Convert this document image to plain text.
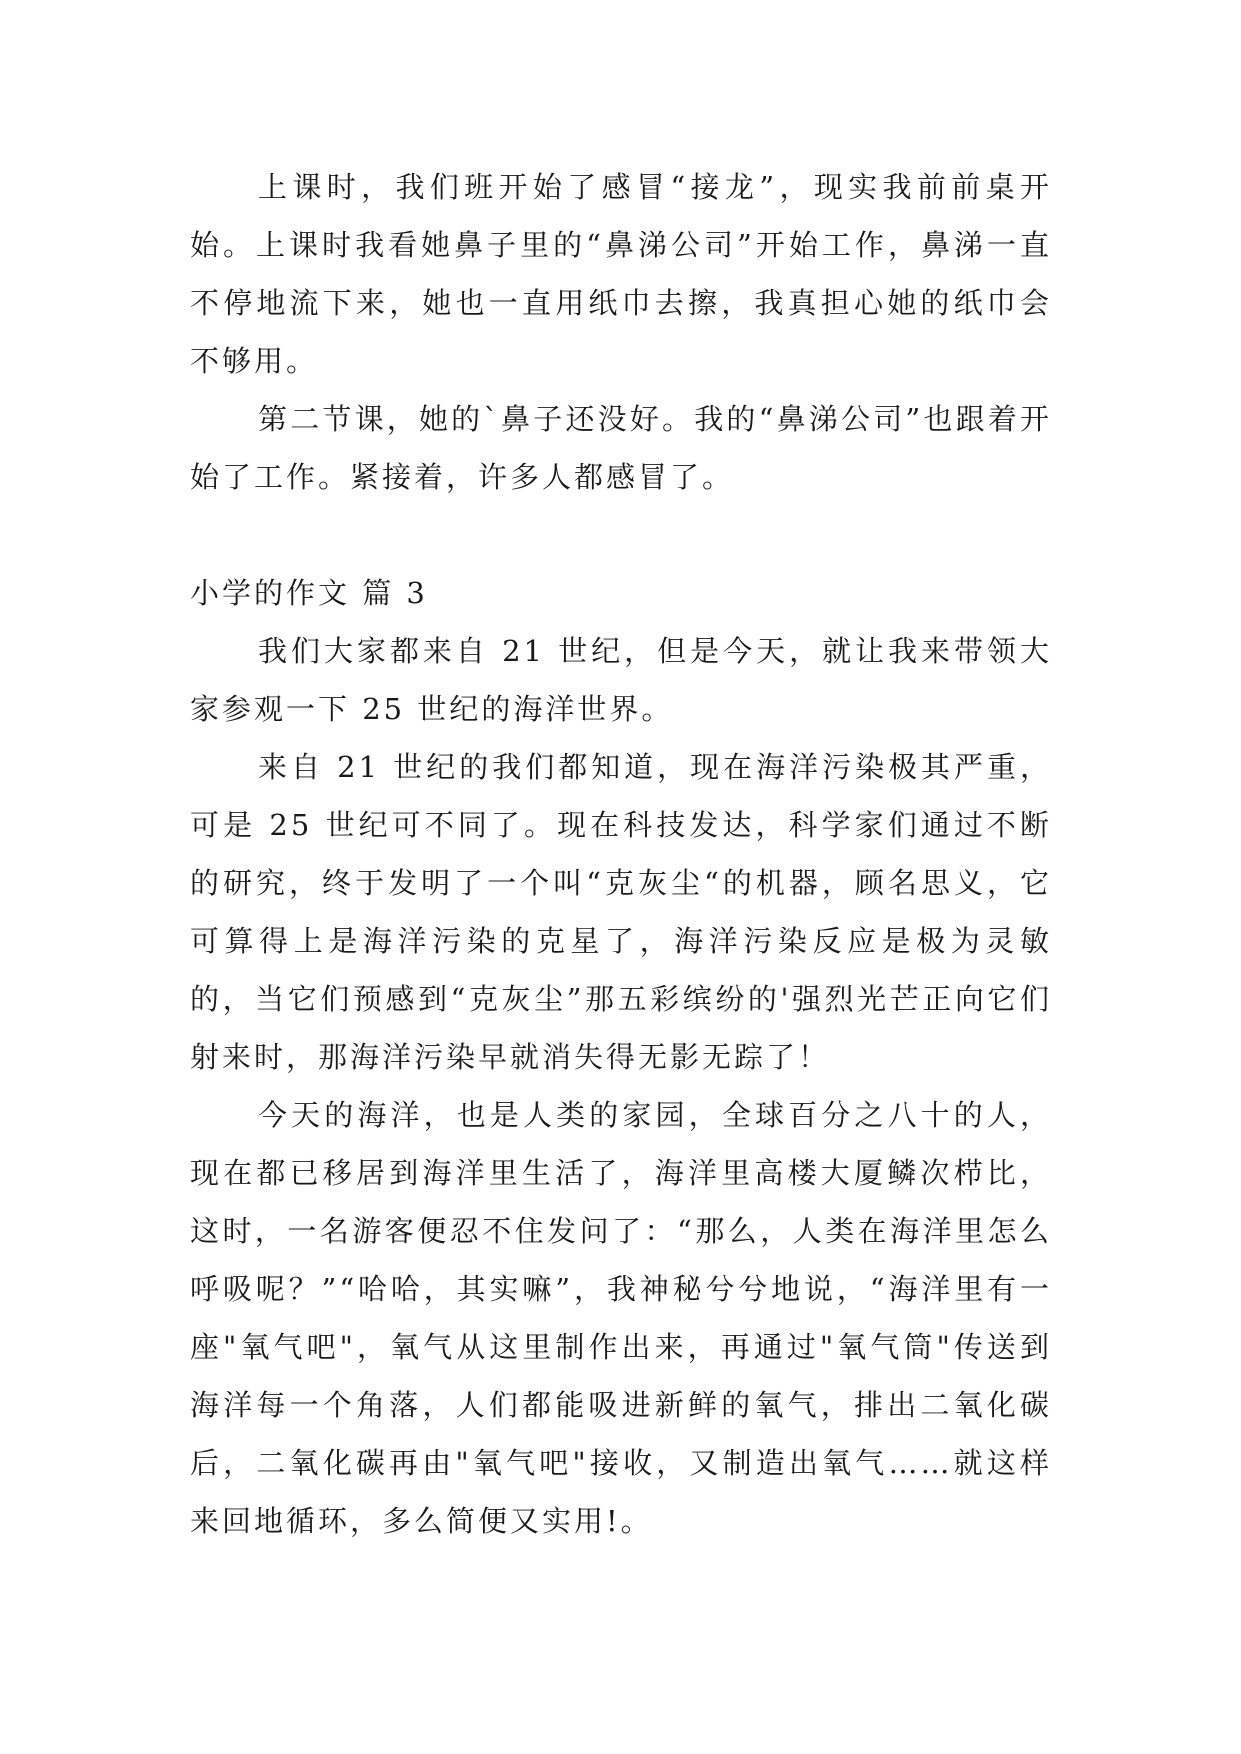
上课时，我们班开始了感冒“接龙”，现实我前前桌开始。上课时我看她鼻子里的“鼻涕公司”开始工作，鼻涕一直不停地流下来，她也一直用纸巾去擦，我真担心她的纸巾会不够用。

第二节课，她的`鼻子还没好。我的“鼻涕公司”也跟着开始了工作。紧接着，许多人都感冒了。

小学的作文 篇 3

我们大家都来自 21 世纪，但是今天，就让我来带领大家参观一下 25 世纪的海洋世界。

来自 21 世纪的我们都知道，现在海洋污染极其严重，可是 25 世纪可不同了。现在科技发达，科学家们通过不断的研究，终于发明了一个叫“克灰尘“的机器，顾名思义，它可算得上是海洋污染的克星了，海洋污染反应是极为灵敏的，当它们预感到“克灰尘”那五彩缤纷的'强烈光芒正向它们射来时，那海洋污染早就消失得无影无踪了！

今天的海洋，也是人类的家园，全球百分之八十的人，现在都已移居到海洋里生活了，海洋里高楼大厦鳞次栉比，这时，一名游客便忍不住发问了：“那么，人类在海洋里怎么呼吸呢？”“哈哈，其实嘛”，我神秘兮兮地说，“海洋里有一座"氧气吧"，氧气从这里制作出来，再通过"氧气筒"传送到海洋每一个角落，人们都能吸进新鲜的氧气，排出二氧化碳后，二氧化碳再由"氧气吧"接收，又制造出氧气……就这样来回地循环，多么简便又实用!。
